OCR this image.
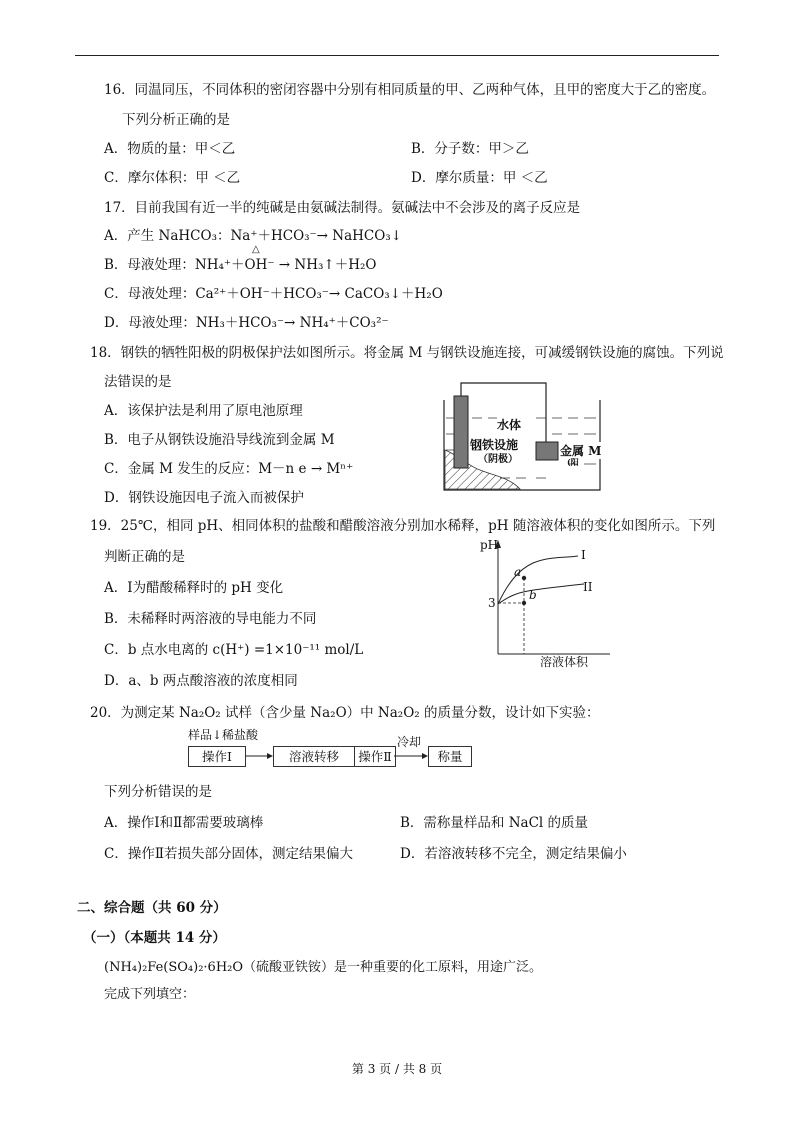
16．同温同压，不同体积的密闭容器中分别有相同质量的甲、乙两种气体，且甲的密度大于乙的密度。
下列分析正确的是
A．物质的量：甲＜乙	B．分子数：甲＞乙
C．摩尔体积：甲 ＜乙	D．摩尔质量：甲 ＜乙
17．目前我国有近一半的纯碱是由氨碱法制得。氨碱法中不会涉及的离子反应是
A．产生 NaHCO₃：Na⁺＋HCO₃⁻→ NaHCO₃↓
B．母液处理：NH₄⁺＋OH⁻ → NH₃↑＋H₂O
△
C．母液处理：Ca²⁺＋OH⁻＋HCO₃⁻→ CaCO₃↓＋H₂O
D．母液处理：NH₃＋HCO₃⁻→ NH₄⁺＋CO₃²⁻
18．钢铁的牺牲阳极的阴极保护法如图所示。将金属 M 与钢铁设施连接，可减缓钢铁设施的腐蚀。下列说
法错误的是
A．该保护法是利用了原电池原理
B．电子从钢铁设施沿导线流到金属 M
C．金属 M 发生的反应：M－n e → Mⁿ⁺
D．钢铁设施因电子流入而被保护
水体
钢铁设施
（阴极）
金属 M
(阳
19．25℃，相同 pH、相同体积的盐酸和醋酸溶液分别加水稀释，pH 随溶液体积的变化如图所示。下列
判断正确的是
A．Ⅰ为醋酸稀释时的 pH 变化
B．未稀释时两溶液的导电能力不同
C．b 点水电离的 c(H⁺) =1×10⁻¹¹ mol/L
D．a、b 两点酸溶液的浓度相同
pH
溶液体积
3
a
b
I
II
20．为测定某 Na₂O₂ 试样（含少量 Na₂O）中 Na₂O₂ 的质量分数，设计如下实验：
样品↓稀盐酸
操作Ⅰ	溶液转移	操作Ⅱ	称量
冷却
下列分析错误的是
A．操作Ⅰ和Ⅱ都需要玻璃棒	B．需称量样品和 NaCl 的质量
C．操作Ⅱ若损失部分固体，测定结果偏大	D．若溶液转移不完全，测定结果偏小
二、综合题（共 60 分）
（一）（本题共 14 分）
(NH₄)₂Fe(SO₄)₂·6H₂O（硫酸亚铁铵）是一种重要的化工原料，用途广泛。
完成下列填空：
第 3 页 / 共 8 页
